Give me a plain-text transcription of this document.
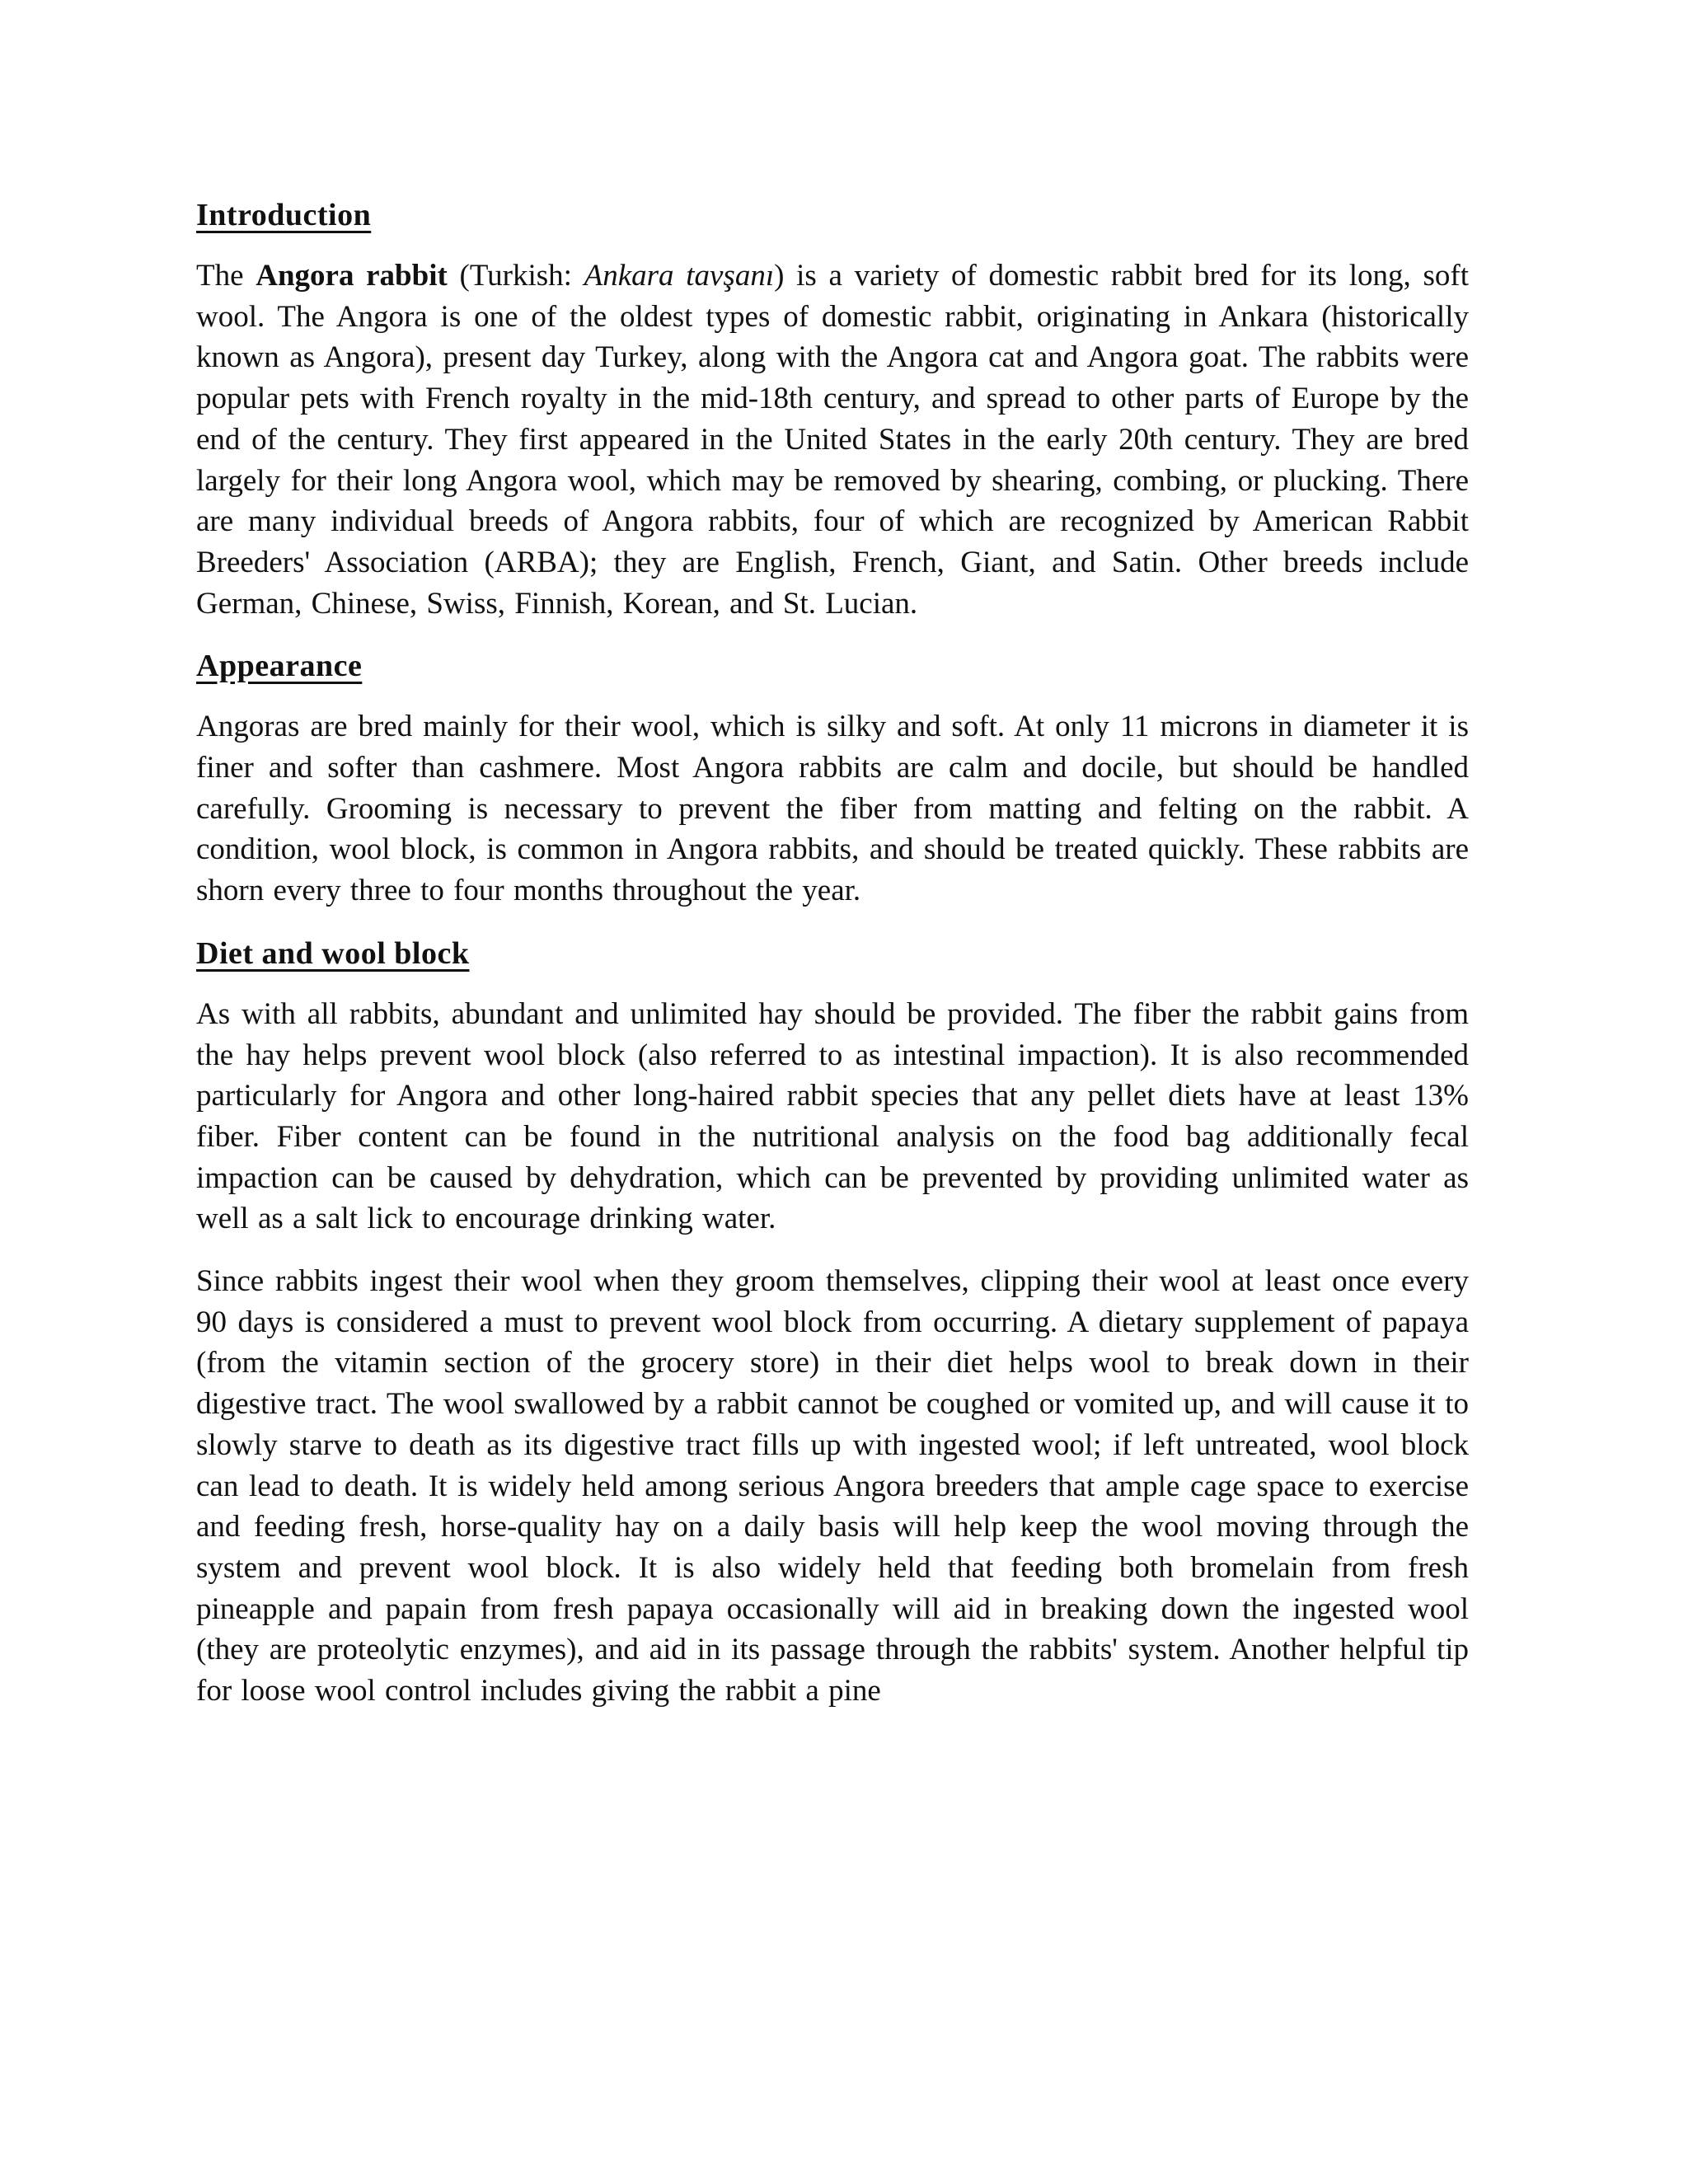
Introduction

The Angora rabbit (Turkish: Ankara tavşanı) is a variety of domestic rabbit bred for its long, soft wool. The Angora is one of the oldest types of domestic rabbit, originating in Ankara (historically known as Angora), present day Turkey, along with the Angora cat and Angora goat. The rabbits were popular pets with French royalty in the mid-18th century, and spread to other parts of Europe by the end of the century. They first appeared in the United States in the early 20th century. They are bred largely for their long Angora wool, which may be removed by shearing, combing, or plucking. There are many individual breeds of Angora rabbits, four of which are recognized by American Rabbit Breeders' Association (ARBA); they are English, French, Giant, and Satin. Other breeds include German, Chinese, Swiss, Finnish, Korean, and St. Lucian.

Appearance

Angoras are bred mainly for their wool, which is silky and soft. At only 11 microns in diameter it is finer and softer than cashmere. Most Angora rabbits are calm and docile, but should be handled carefully. Grooming is necessary to prevent the fiber from matting and felting on the rabbit. A condition, wool block, is common in Angora rabbits, and should be treated quickly. These rabbits are shorn every three to four months throughout the year.

Diet and wool block

As with all rabbits, abundant and unlimited hay should be provided. The fiber the rabbit gains from the hay helps prevent wool block (also referred to as intestinal impaction). It is also recommended particularly for Angora and other long-haired rabbit species that any pellet diets have at least 13% fiber. Fiber content can be found in the nutritional analysis on the food bag additionally fecal impaction can be caused by dehydration, which can be prevented by providing unlimited water as well as a salt lick to encourage drinking water.

Since rabbits ingest their wool when they groom themselves, clipping their wool at least once every 90 days is considered a must to prevent wool block from occurring. A dietary supplement of papaya (from the vitamin section of the grocery store) in their diet helps wool to break down in their digestive tract. The wool swallowed by a rabbit cannot be coughed or vomited up, and will cause it to slowly starve to death as its digestive tract fills up with ingested wool; if left untreated, wool block can lead to death. It is widely held among serious Angora breeders that ample cage space to exercise and feeding fresh, horse-quality hay on a daily basis will help keep the wool moving through the system and prevent wool block. It is also widely held that feeding both bromelain from fresh pineapple and papain from fresh papaya occasionally will aid in breaking down the ingested wool (they are proteolytic enzymes), and aid in its passage through the rabbits' system. Another helpful tip for loose wool control includes giving the rabbit a pine
